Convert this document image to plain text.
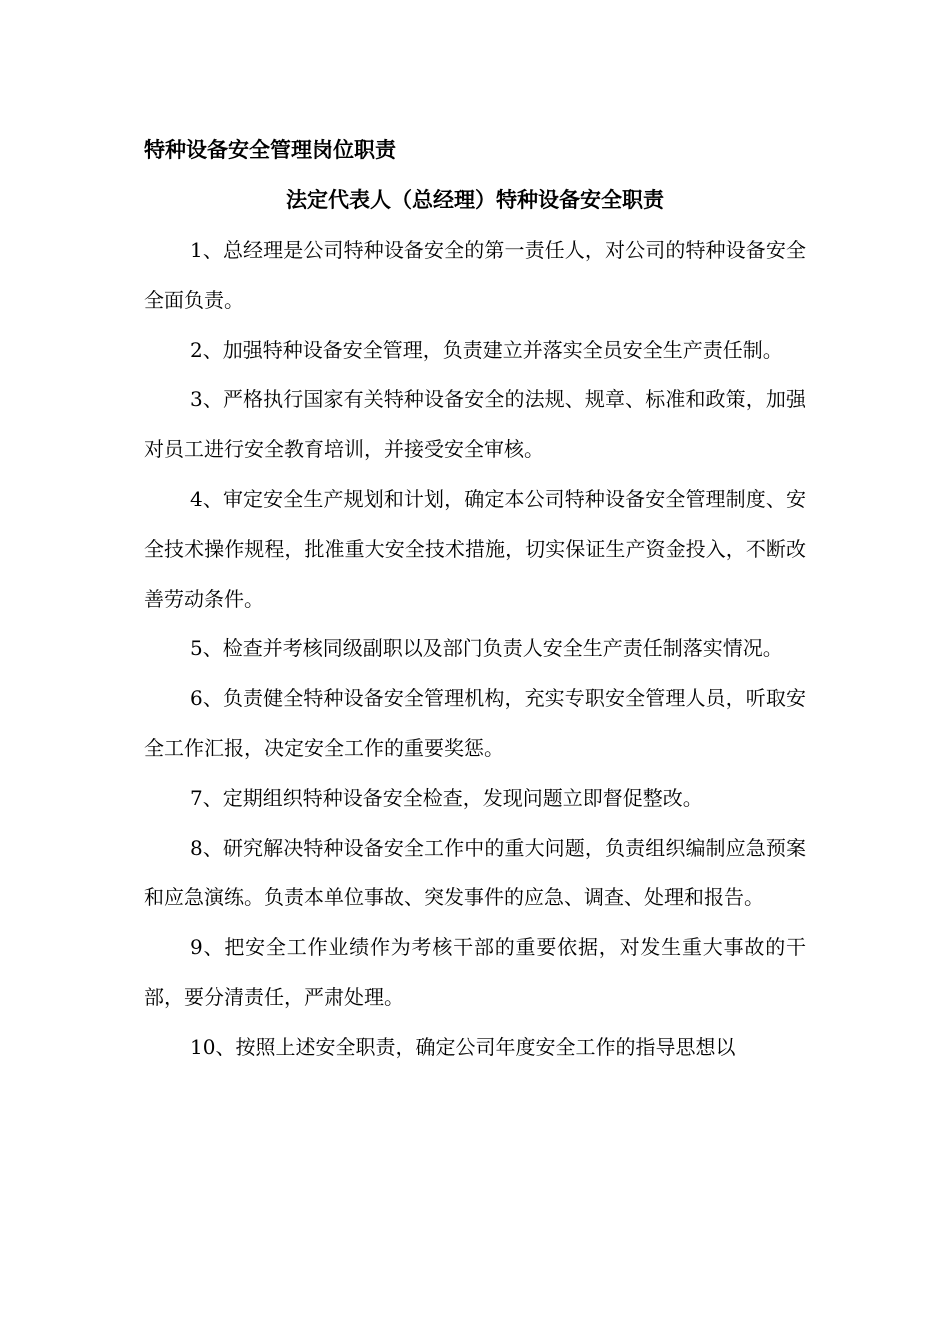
特种设备安全管理岗位职责
法定代表人（总经理）特种设备安全职责

1、总经理是公司特种设备安全的第一责任人，对公司的特种设备安全全面负责。

2、加强特种设备安全管理，负责建立并落实全员安全生产责任制。

3、严格执行国家有关特种设备安全的法规、规章、标准和政策，加强对员工进行安全教育培训，并接受安全审核。

4、审定安全生产规划和计划，确定本公司特种设备安全管理制度、安全技术操作规程，批准重大安全技术措施，切实保证生产资金投入，不断改善劳动条件。

5、检查并考核同级副职以及部门负责人安全生产责任制落实情况。

6、负责健全特种设备安全管理机构，充实专职安全管理人员，听取安全工作汇报，决定安全工作的重要奖惩。

7、定期组织特种设备安全检查，发现问题立即督促整改。

8、研究解决特种设备安全工作中的重大问题，负责组织编制应急预案和应急演练。负责本单位事故、突发事件的应急、调查、处理和报告。

9、把安全工作业绩作为考核干部的重要依据，对发生重大事故的干部，要分清责任，严肃处理。

10、按照上述安全职责，确定公司年度安全工作的指导思想以
